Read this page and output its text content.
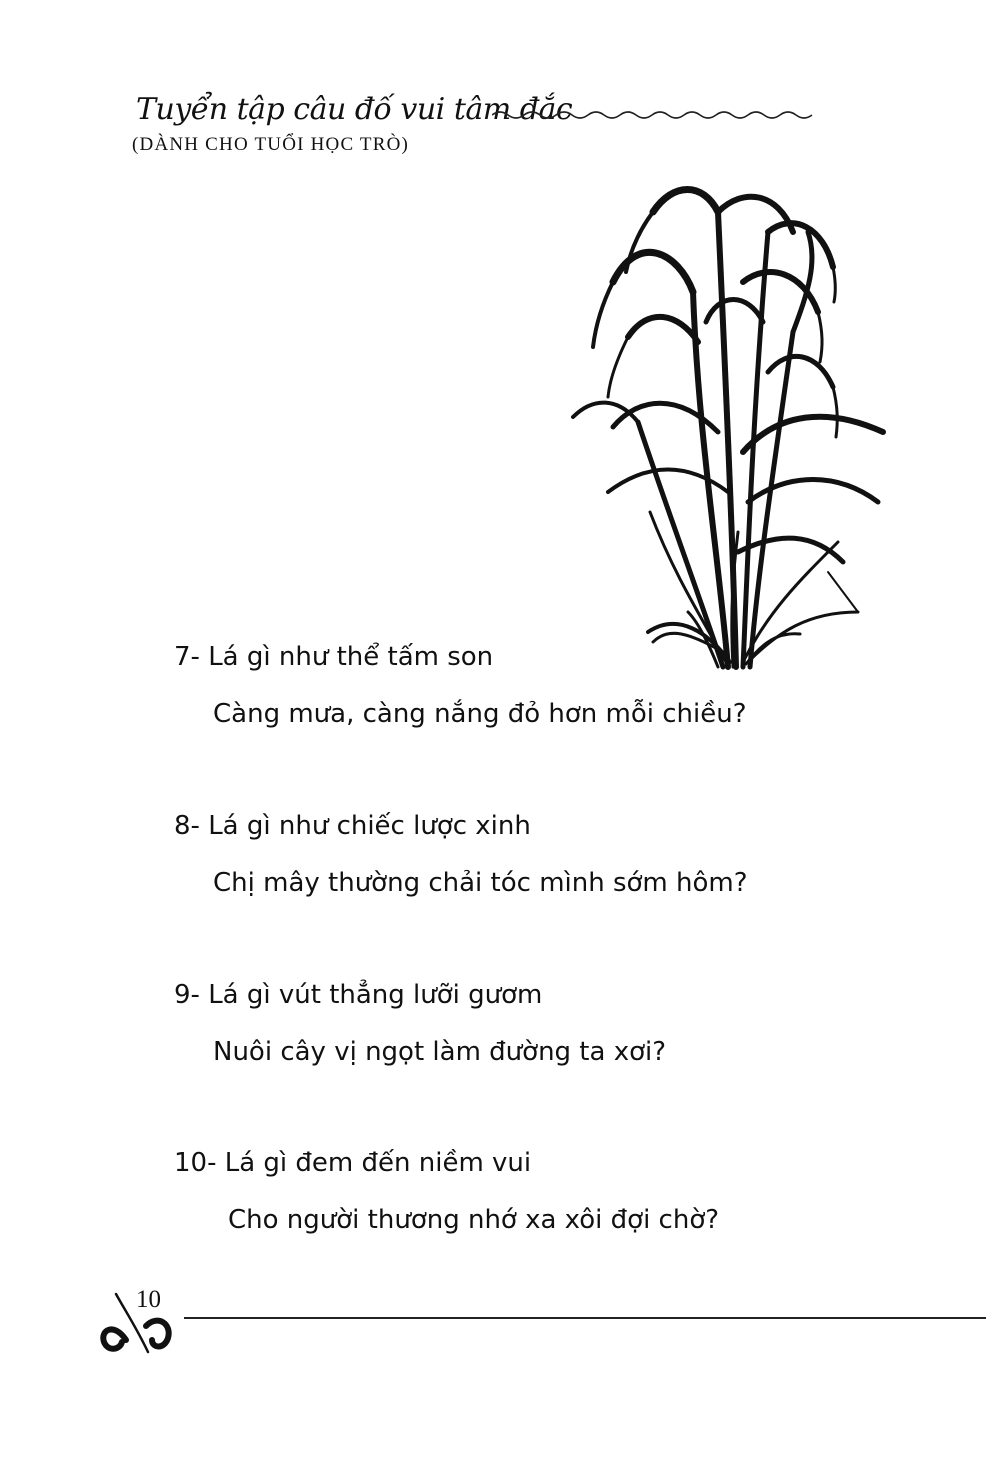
Tuyển tập câu đố vui tâm đắc
(DÀNH CHO TUỔI HỌC TRÒ)
7- Lá gì như thể tấm son
Càng mưa, càng nắng đỏ hơn mỗi chiều?
8- Lá gì như chiếc lược xinh
Chị mây thường chải tóc mình sớm hôm?
9- Lá gì vút thẳng lưỡi gươm
Nuôi cây vị ngọt làm đường ta xơi?
10- Lá gì đem đến niềm vui
Cho người thương nhớ xa xôi đợi chờ?
10
